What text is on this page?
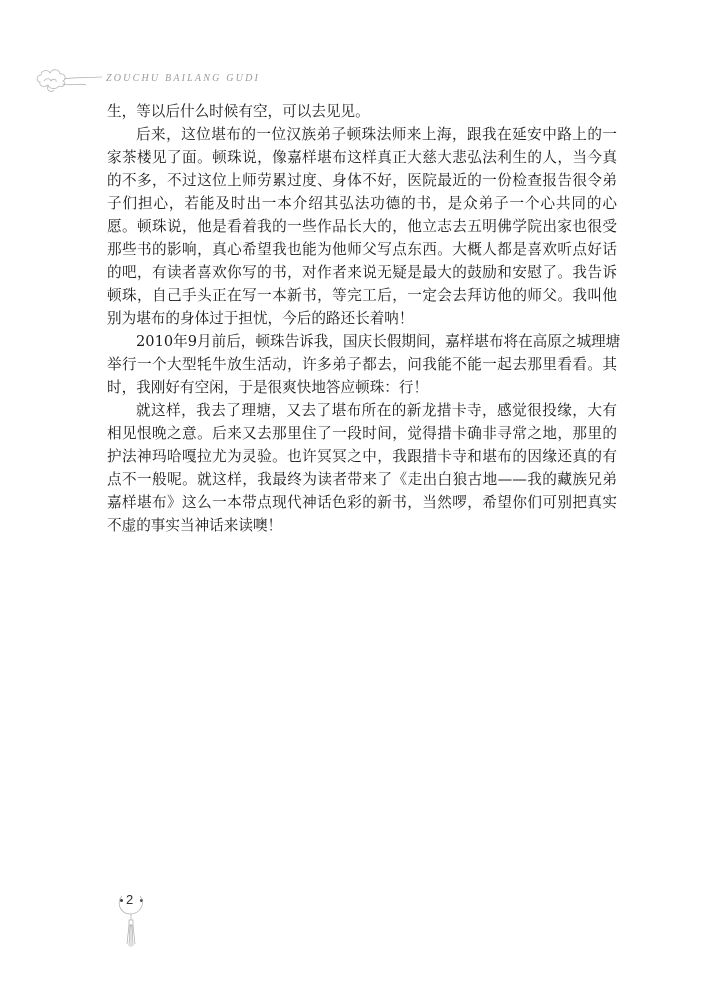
ZOUCHU BAILANG GUDI
生，等以后什么时候有空，可以去见见。
后来，这位堪布的一位汉族弟子顿珠法师来上海，跟我在延安中路上的一
家茶楼见了面。顿珠说，像嘉样堪布这样真正大慈大悲弘法利生的人，当今真
的不多，不过这位上师劳累过度、身体不好，医院最近的一份检查报告很令弟
子们担心，若能及时出一本介绍其弘法功德的书，是众弟子一个心共同的心
愿。顿珠说，他是看着我的一些作品长大的，他立志去五明佛学院出家也很受
那些书的影响，真心希望我也能为他师父写点东西。大概人都是喜欢听点好话
的吧，有读者喜欢你写的书，对作者来说无疑是最大的鼓励和安慰了。我告诉
顿珠，自己手头正在写一本新书，等完工后，一定会去拜访他的师父。我叫他
别为堪布的身体过于担忧，今后的路还长着呐！
2010年9月前后，顿珠告诉我，国庆长假期间，嘉样堪布将在高原之城理塘
举行一个大型牦牛放生活动，许多弟子都去，问我能不能一起去那里看看。其
时，我刚好有空闲，于是很爽快地答应顿珠：行！
就这样，我去了理塘，又去了堪布所在的新龙措卡寺，感觉很投缘，大有
相见恨晚之意。后来又去那里住了一段时间，觉得措卡确非寻常之地，那里的
护法神玛哈嘎拉尤为灵验。也许冥冥之中，我跟措卡寺和堪布的因缘还真的有
点不一般呢。就这样，我最终为读者带来了《走出白狼古地——我的藏族兄弟
嘉样堪布》这么一本带点现代神话色彩的新书，当然啰，希望你们可别把真实
不虚的事实当神话来读噢！
2
